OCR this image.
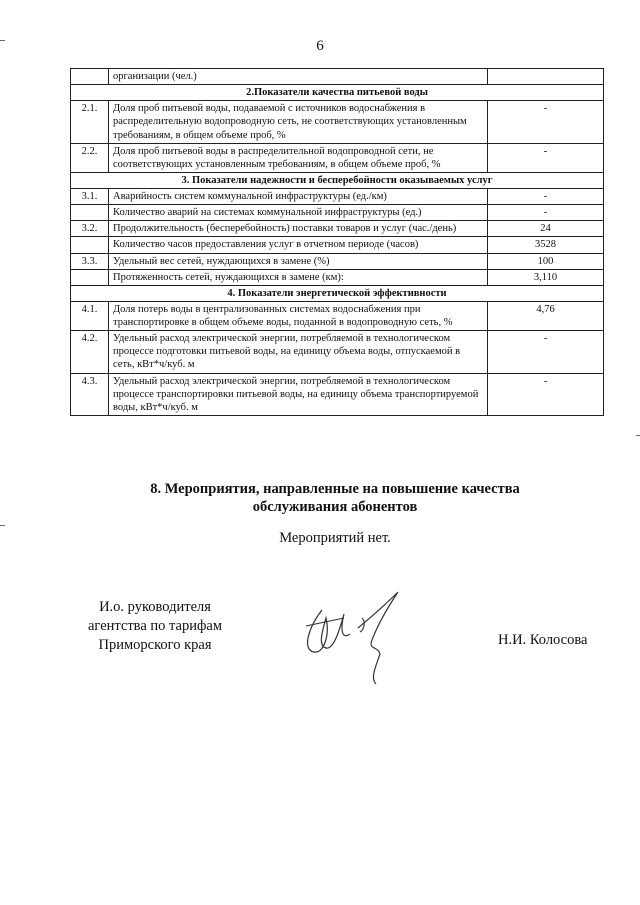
6
	организации (чел.)	
2.Показатели качества питьевой воды		
2.1.	Доля проб питьевой воды, подаваемой с источников водоснабжения в распределительную водопроводную сеть, не соответствующих установленным требованиям, в общем объеме проб, %	-
2.2.	Доля проб питьевой воды в распределительной водопроводной сети, не соответствующих установленным требованиям, в общем объеме проб, %	-
3. Показатели надежности и бесперебойности оказываемых услуг		
3.1.	Аварийность систем коммунальной инфраструктуры (ед./км)	-
	Количество аварий на системах коммунальной инфраструктуры (ед.)	-
3.2.	Продолжительность (бесперебойность) поставки товаров и услуг (час./день)	24
	Количество часов предоставления услуг в отчетном периоде (часов)	3528
3.3.	Удельный вес сетей, нуждающихся в замене (%)	100
	Протяженность сетей, нуждающихся в замене (км):	3,110
4. Показатели энергетической эффективности		
4.1.	Доля потерь воды в централизованных системах водоснабжения при транспортировке в общем объеме воды, поданной в водопроводную сеть, %	4,76
4.2.	Удельный расход электрической энергии, потребляемой в технологическом процессе подготовки питьевой воды, на единицу объема воды, отпускаемой в сеть, кВт*ч/куб. м	-
4.3.	Удельный расход электрической энергии, потребляемой в технологическом процессе транспортировки питьевой воды, на единицу объема транспортируемой воды, кВт*ч/куб. м	-
8. Мероприятия, направленные на повышение качества
обслуживания абонентов
Мероприятий нет.
И.о. руководителя
агентства по тарифам
Приморского края	Н.И. Колосова
